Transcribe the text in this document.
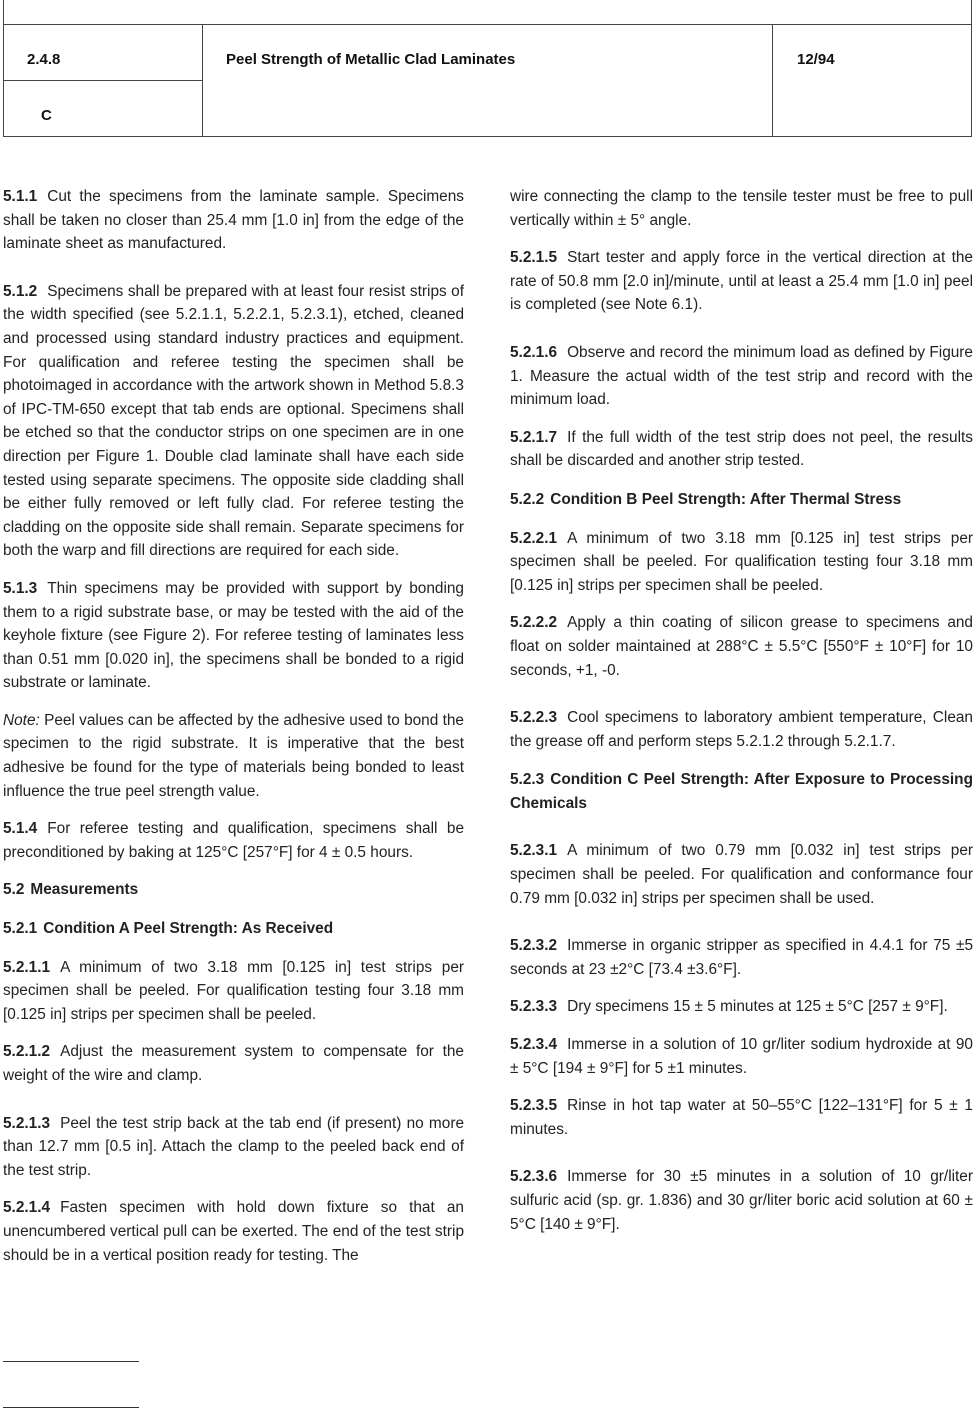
2.4.8	Peel Strength of Metallic Clad Laminates	12/94
C

5.1.1 Cut the specimens from the laminate sample. Specimens shall be taken no closer than 25.4 mm [1.0 in] from the edge of the laminate sheet as manufactured.

5.1.2 Specimens shall be prepared with at least four resist strips of the width specified (see 5.2.1.1, 5.2.2.1, 5.2.3.1), etched, cleaned and processed using standard industry practices and equipment. For qualification and referee testing the specimen shall be photoimaged in accordance with the artwork shown in Method 5.8.3 of IPC-TM-650 except that tab ends are optional. Specimens shall be etched so that the conductor strips on one specimen are in one direction per Figure 1. Double clad laminate shall have each side tested using separate specimens. The opposite side cladding shall be either fully removed or left fully clad. For referee testing the cladding on the opposite side shall remain. Separate specimens for both the warp and fill directions are required for each side.

5.1.3 Thin specimens may be provided with support by bonding them to a rigid substrate base, or may be tested with the aid of the keyhole fixture (see Figure 2). For referee testing of laminates less than 0.51 mm [0.020 in], the specimens shall be bonded to a rigid substrate or laminate.

Note: Peel values can be affected by the adhesive used to bond the specimen to the rigid substrate. It is imperative that the best adhesive be found for the type of materials being bonded to least influence the true peel strength value.

5.1.4 For referee testing and qualification, specimens shall be preconditioned by baking at 125°C [257°F] for 4 ± 0.5 hours.

5.2 Measurements

5.2.1 Condition A Peel Strength: As Received

5.2.1.1 A minimum of two 3.18 mm [0.125 in] test strips per specimen shall be peeled. For qualification testing four 3.18 mm [0.125 in] strips per specimen shall be peeled.

5.2.1.2 Adjust the measurement system to compensate for the weight of the wire and clamp.

5.2.1.3 Peel the test strip back at the tab end (if present) no more than 12.7 mm [0.5 in]. Attach the clamp to the peeled back end of the test strip.

5.2.1.4 Fasten specimen with hold down fixture so that an unencumbered vertical pull can be exerted. The end of the test strip should be in a vertical position ready for testing. The

wire connecting the clamp to the tensile tester must be free to pull vertically within ± 5° angle.

5.2.1.5 Start tester and apply force in the vertical direction at the rate of 50.8 mm [2.0 in]/minute, until at least a 25.4 mm [1.0 in] peel is completed (see Note 6.1).

5.2.1.6 Observe and record the minimum load as defined by Figure 1. Measure the actual width of the test strip and record with the minimum load.

5.2.1.7 If the full width of the test strip does not peel, the results shall be discarded and another strip tested.

5.2.2 Condition B Peel Strength: After Thermal Stress

5.2.2.1 A minimum of two 3.18 mm [0.125 in] test strips per specimen shall be peeled. For qualification testing four 3.18 mm [0.125 in] strips per specimen shall be peeled.

5.2.2.2 Apply a thin coating of silicon grease to specimens and float on solder maintained at 288°C ± 5.5°C [550°F ± 10°F] for 10 seconds, +1, -0.

5.2.2.3 Cool specimens to laboratory ambient temperature, Clean the grease off and perform steps 5.2.1.2 through 5.2.1.7.

5.2.3 Condition C Peel Strength: After Exposure to Processing Chemicals

5.2.3.1 A minimum of two 0.79 mm [0.032 in] test strips per specimen shall be peeled. For qualification and conformance four 0.79 mm [0.032 in] strips per specimen shall be used.

5.2.3.2 Immerse in organic stripper as specified in 4.4.1 for 75 ±5 seconds at 23 ±2°C [73.4 ±3.6°F].

5.2.3.3 Dry specimens 15 ± 5 minutes at 125 ± 5°C [257 ± 9°F].

5.2.3.4 Immerse in a solution of 10 gr/liter sodium hydroxide at 90 ± 5°C [194 ± 9°F] for 5 ±1 minutes.

5.2.3.5 Rinse in hot tap water at 50–55°C [122–131°F] for 5 ± 1 minutes.

5.2.3.6 Immerse for 30 ±5 minutes in a solution of 10 gr/liter sulfuric acid (sp. gr. 1.836) and 30 gr/liter boric acid solution at 60 ± 5°C [140 ± 9°F].
